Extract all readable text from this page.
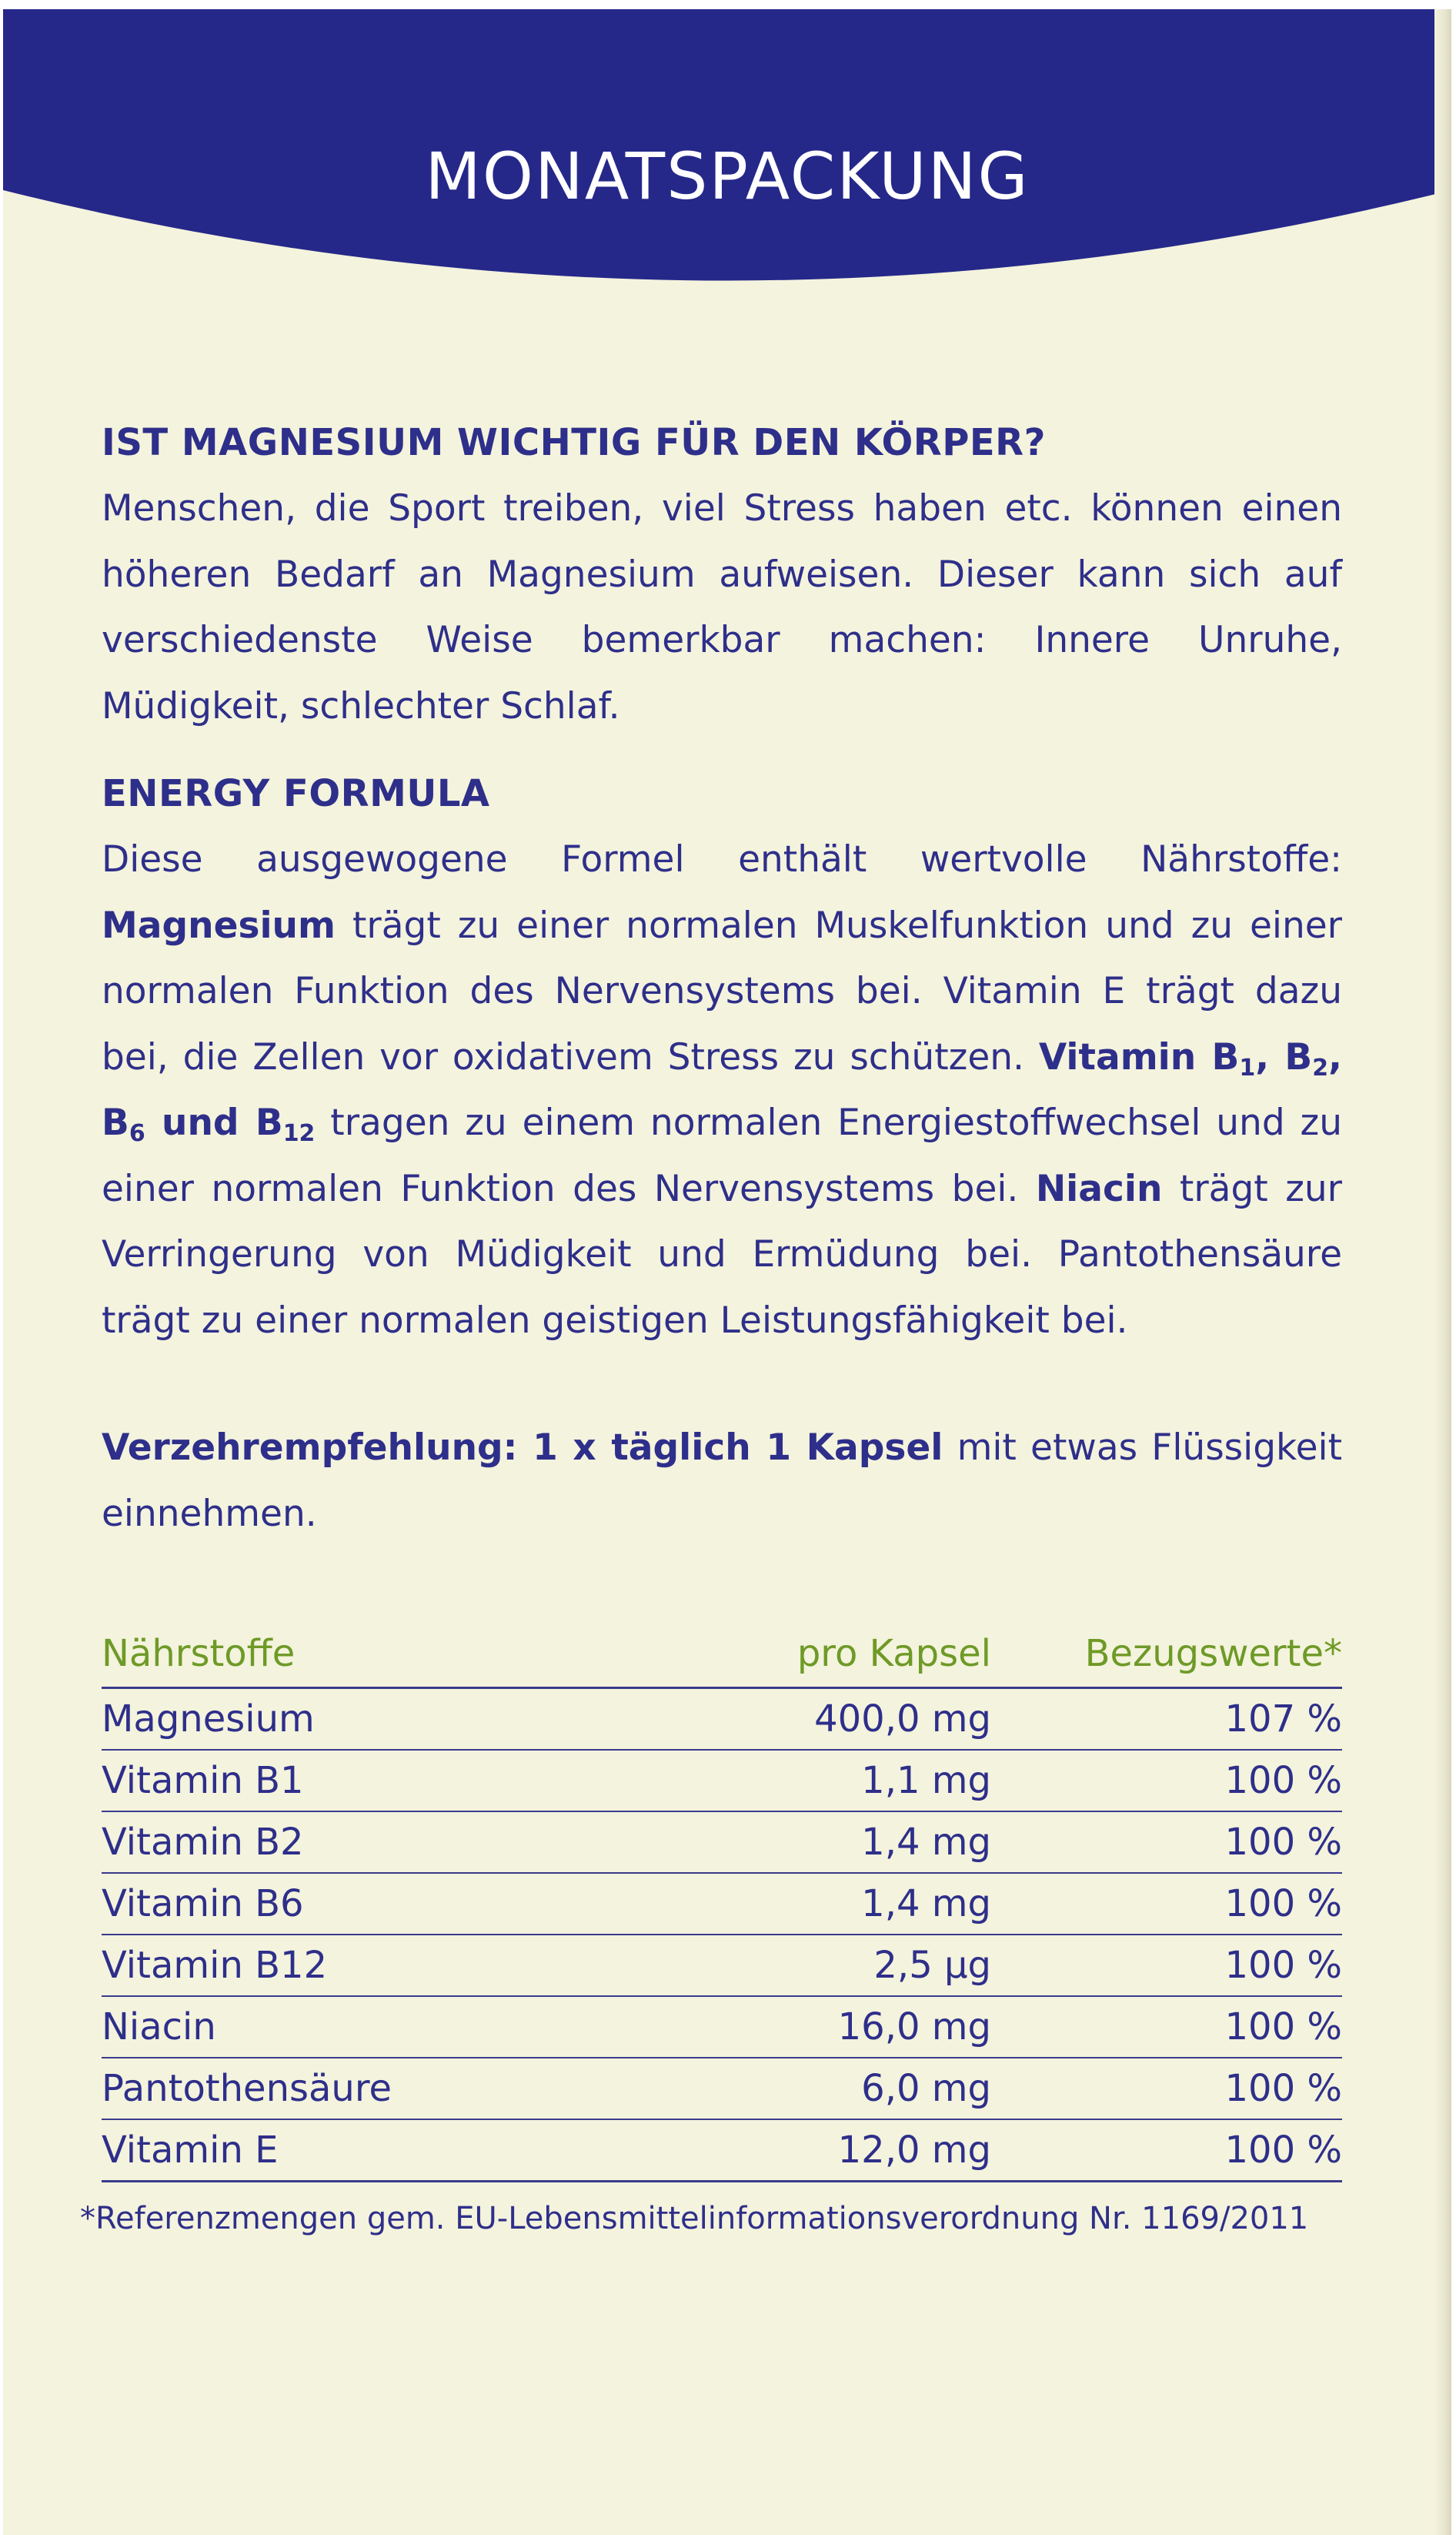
MONATSPACKUNG
IST MAGNESIUM WICHTIG FÜR DEN KÖRPER?

Menschen, die Sport treiben, viel Stress haben etc. können einen höheren Bedarf an Magnesium aufweisen. Dieser kann sich auf verschiedenste Weise bemerkbar machen: Innere Unruhe, Müdigkeit, schlechter Schlaf.

ENERGY FORMULA

Diese ausgewogene Formel enthält wertvolle Nährstoffe: Magnesium trägt zu einer normalen Muskelfunktion und zu einer normalen Funktion des Nervensystems bei. Vitamin E trägt dazu bei, die Zellen vor oxidativem Stress zu schützen. Vitamin $B_1$, $B_2$, $B_6$ und $B_{12}$ tragen zu einem normalen Energiestoffwechsel und zu einer normalen Funktion des Nervensystems bei. Niacin trägt zur Verringerung von Müdigkeit und Ermüdung bei. Pantothensäure trägt zu einer normalen geistigen Leistungsfähigkeit bei.

Verzehrempfehlung: 1 x täglich 1 Kapsel mit etwas Flüssigkeit einnehmen.

Nährstoffe	pro Kapsel	Bezugswerte*
Magnesium	400,0 mg	107 %
Vitamin B1	1,1 mg	100 %
Vitamin B2	1,4 mg	100 %
Vitamin B6	1,4 mg	100 %
Vitamin B12	2,5 µg	100 %
Niacin	16,0 mg	100 %
Pantothensäure	6,0 mg	100 %
Vitamin E	12,0 mg	100 %
*Referenzmengen gem. EU-Lebensmittelinformationsverordnung Nr. 1169/2011
